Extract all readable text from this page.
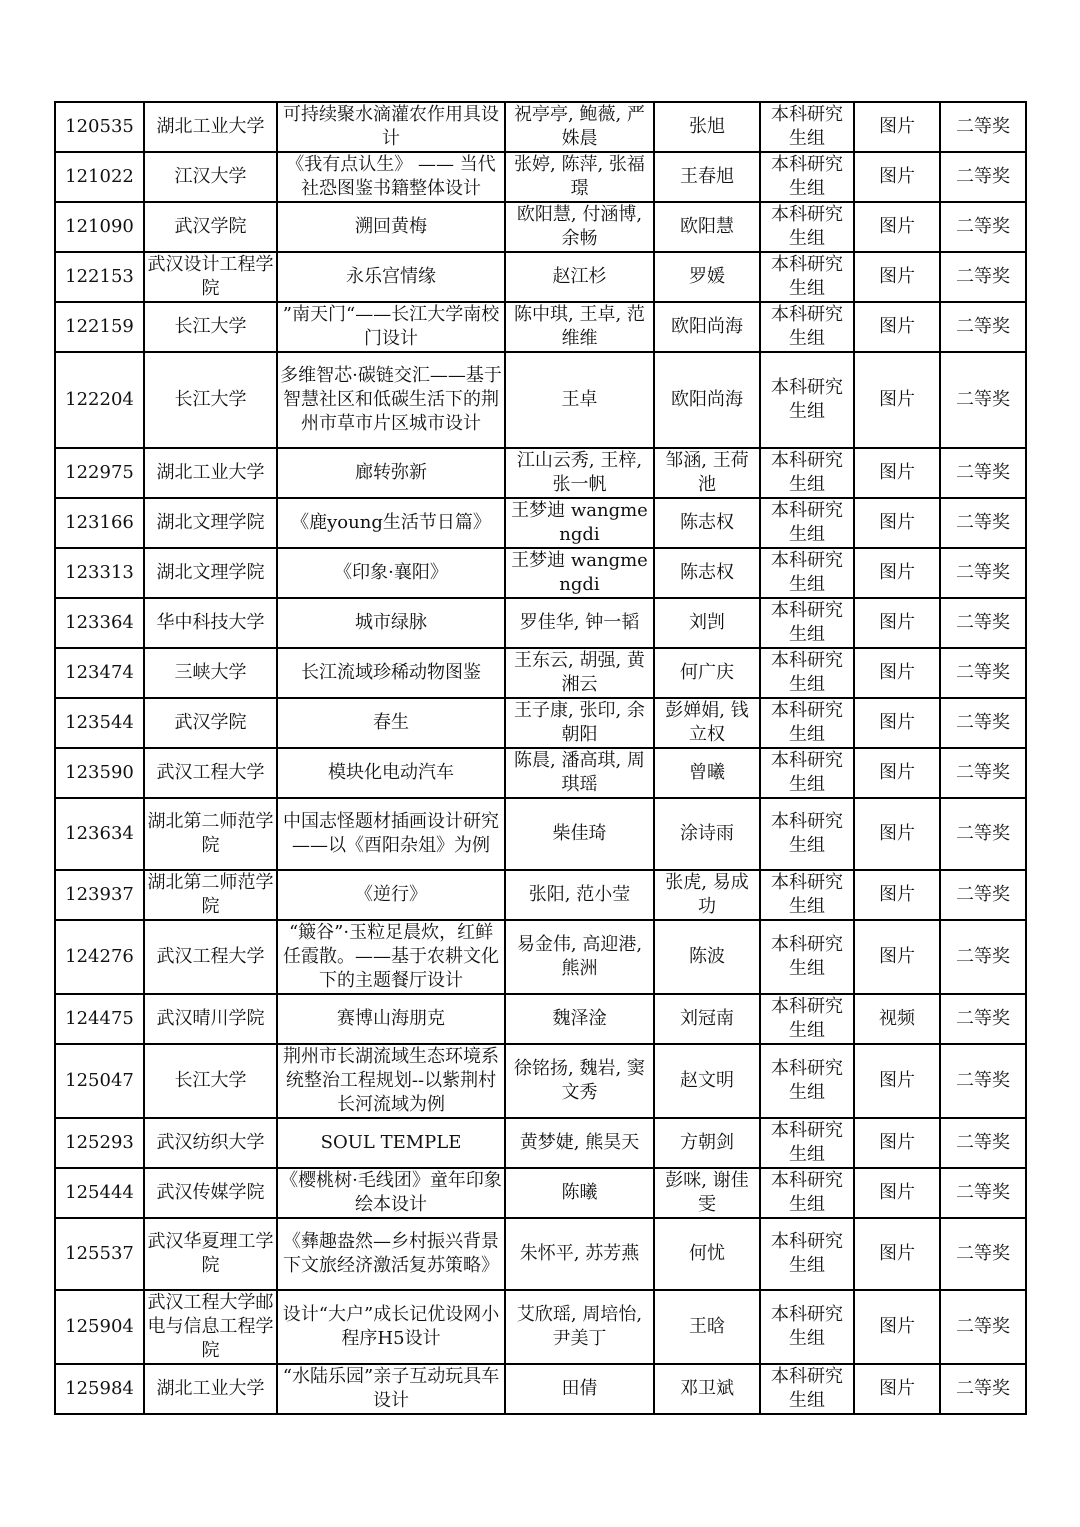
120535	湖北工业大学	可持续聚水滴灌农作用具设计	祝亭亭, 鲍薇, 严姝晨	张旭	本科研究生组	图片	二等奖
121022	江汉大学	《我有点认生》 —— 当代社恐图鉴书籍整体设计	张婷, 陈萍, 张福璟	王春旭	本科研究生组	图片	二等奖
121090	武汉学院	溯回黄梅	欧阳慧, 付涵博, 余畅	欧阳慧	本科研究生组	图片	二等奖
122153	武汉设计工程学院	永乐宫情缘	赵江杉	罗媛	本科研究生组	图片	二等奖
122159	长江大学	”南天门“——长江大学南校门设计	陈中琪, 王卓, 范维维	欧阳尚海	本科研究生组	图片	二等奖
122204	长江大学	多维智芯·碳链交汇——基于智慧社区和低碳生活下的荆州市草市片区城市设计	王卓	欧阳尚海	本科研究生组	图片	二等奖
122975	湖北工业大学	廊转弥新	江山云秀, 王梓, 张一帆	邹涵, 王荷池	本科研究生组	图片	二等奖
123166	湖北文理学院	《鹿young生活节日篇》	王梦迪 wangmengdi	陈志权	本科研究生组	图片	二等奖
123313	湖北文理学院	《印象·襄阳》	王梦迪 wangmengdi	陈志权	本科研究生组	图片	二等奖
123364	华中科技大学	城市绿脉	罗佳华, 钟一韬	刘剀	本科研究生组	图片	二等奖
123474	三峡大学	长江流域珍稀动物图鉴	王东云, 胡强, 黄湘云	何广庆	本科研究生组	图片	二等奖
123544	武汉学院	春生	王子康, 张印, 余朝阳	彭婵娟, 钱立权	本科研究生组	图片	二等奖
123590	武汉工程大学	模块化电动汽车	陈晨, 潘高琪, 周琪瑶	曾曦	本科研究生组	图片	二等奖
123634	湖北第二师范学院	中国志怪题材插画设计研究——以《酉阳杂俎》为例	柴佳琦	涂诗雨	本科研究生组	图片	二等奖
123937	湖北第二师范学院	《逆行》	张阳, 范小莹	张虎, 易成功	本科研究生组	图片	二等奖
124276	武汉工程大学	“簸谷”·玉粒足晨炊，红鲜任霞散。——基于农耕文化下的主题餐厅设计	易金伟, 高迎港, 熊洲	陈波	本科研究生组	图片	二等奖
124475	武汉晴川学院	赛博山海朋克	魏泽淦	刘冠南	本科研究生组	视频	二等奖
125047	长江大学	荆州市长湖流域生态环境系统整治工程规划--以紫荆村长河流域为例	徐铭扬, 魏岩, 窦文秀	赵文明	本科研究生组	图片	二等奖
125293	武汉纺织大学	SOUL TEMPLE	黄梦婕, 熊昊天	方朝剑	本科研究生组	图片	二等奖
125444	武汉传媒学院	《樱桃树·毛线团》童年印象绘本设计	陈曦	彭咪, 谢佳雯	本科研究生组	图片	二等奖
125537	武汉华夏理工学院	《彝趣盎然—乡村振兴背景下文旅经济激活复苏策略》	朱怀平, 苏芳燕	何忧	本科研究生组	图片	二等奖
125904	武汉工程大学邮电与信息工程学院	设计“大户”成长记优设网小程序H5设计	艾欣瑶, 周培怡, 尹美丁	王晗	本科研究生组	图片	二等奖
125984	湖北工业大学	“水陆乐园”亲子互动玩具车设计	田倩	邓卫斌	本科研究生组	图片	二等奖
